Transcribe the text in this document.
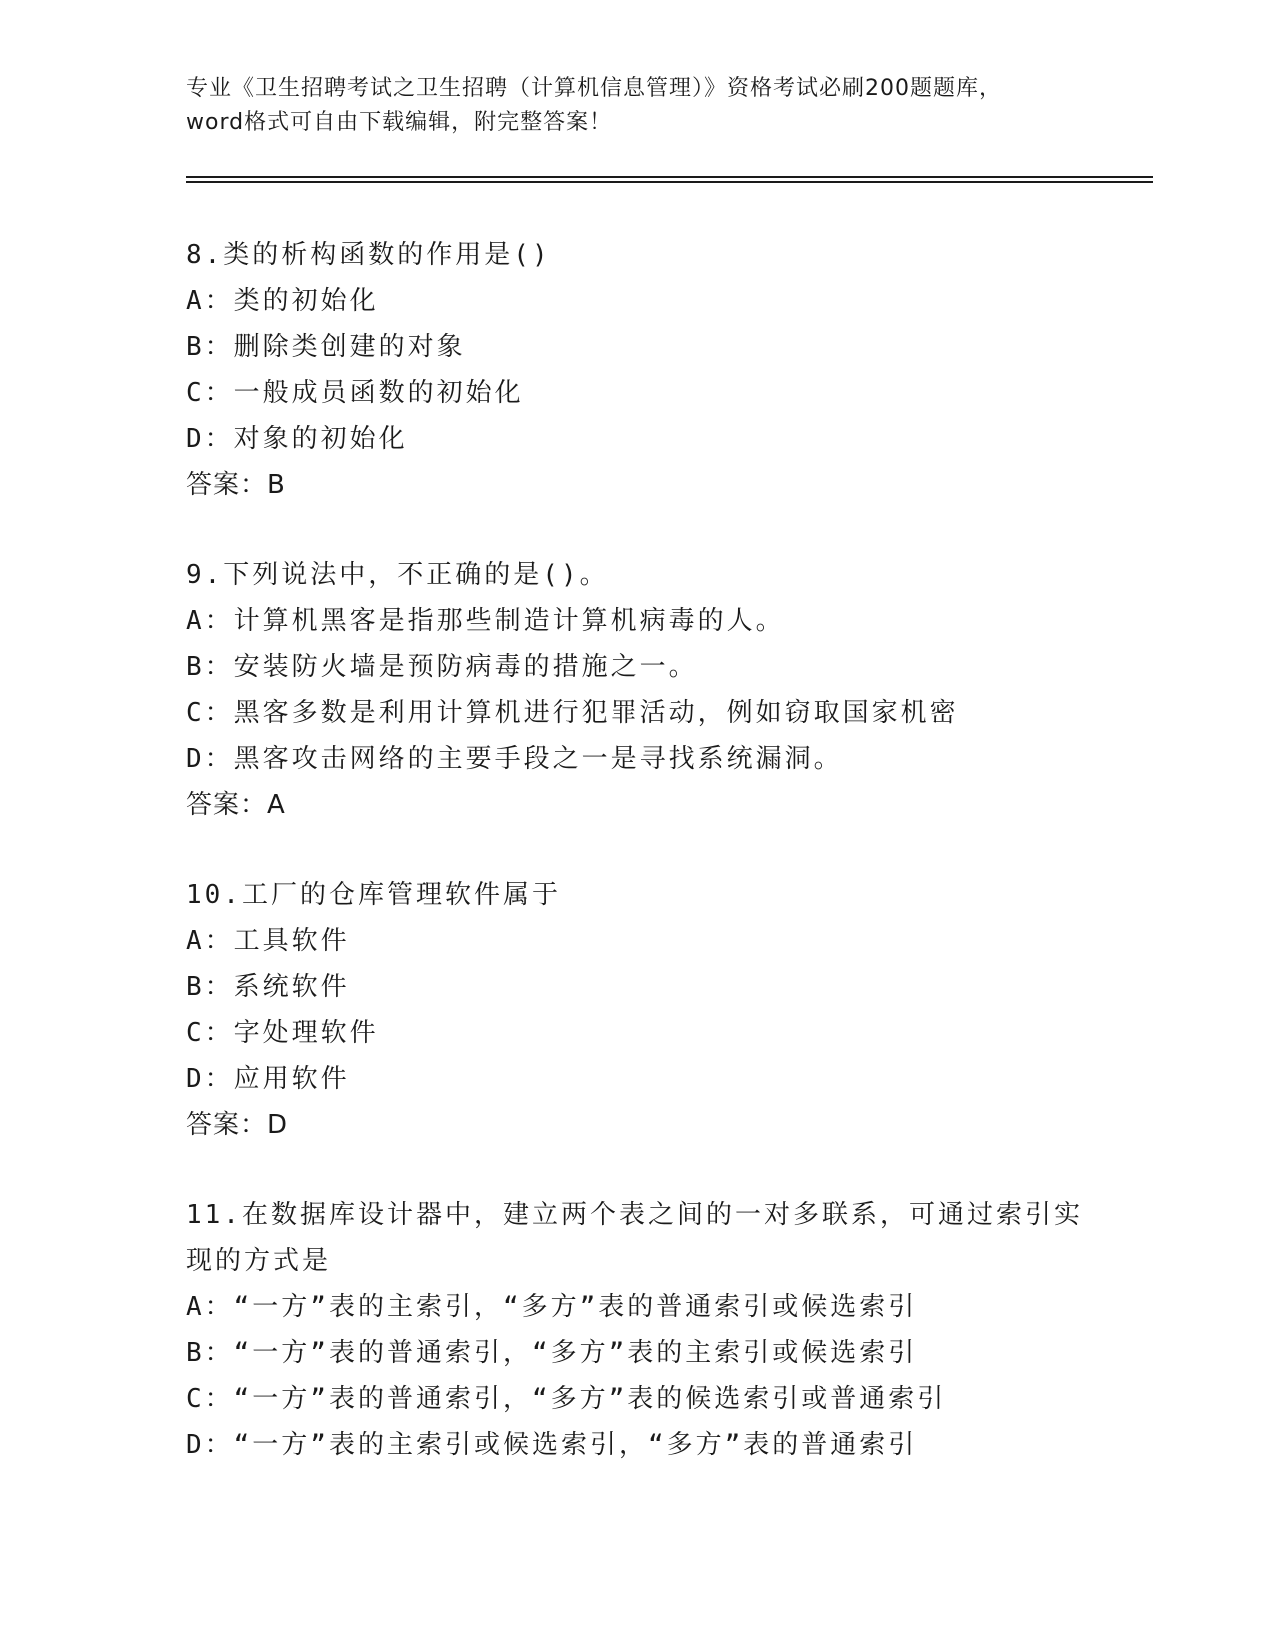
专业《卫生招聘考试之卫生招聘（计算机信息管理）》资格考试必刷200题题库，
word格式可自由下载编辑，附完整答案！
8.类的析构函数的作用是()
A：类的初始化
B：删除类创建的对象
C：一般成员函数的初始化
D：对象的初始化
答案：B
9.下列说法中，不正确的是()。
A：计算机黑客是指那些制造计算机病毒的人。
B：安装防火墙是预防病毒的措施之一。
C：黑客多数是利用计算机进行犯罪活动，例如窃取国家机密
D：黑客攻击网络的主要手段之一是寻找系统漏洞。
答案：A
10.工厂的仓库管理软件属于
A：工具软件
B：系统软件
C：字处理软件
D：应用软件
答案：D
11.在数据库设计器中，建立两个表之间的一对多联系，可通过索引实
现的方式是
A：“一方”表的主索引，“多方”表的普通索引或候选索引
B：“一方”表的普通索引，“多方”表的主索引或候选索引
C：“一方”表的普通索引，“多方”表的候选索引或普通索引
D：“一方”表的主索引或候选索引，“多方”表的普通索引
